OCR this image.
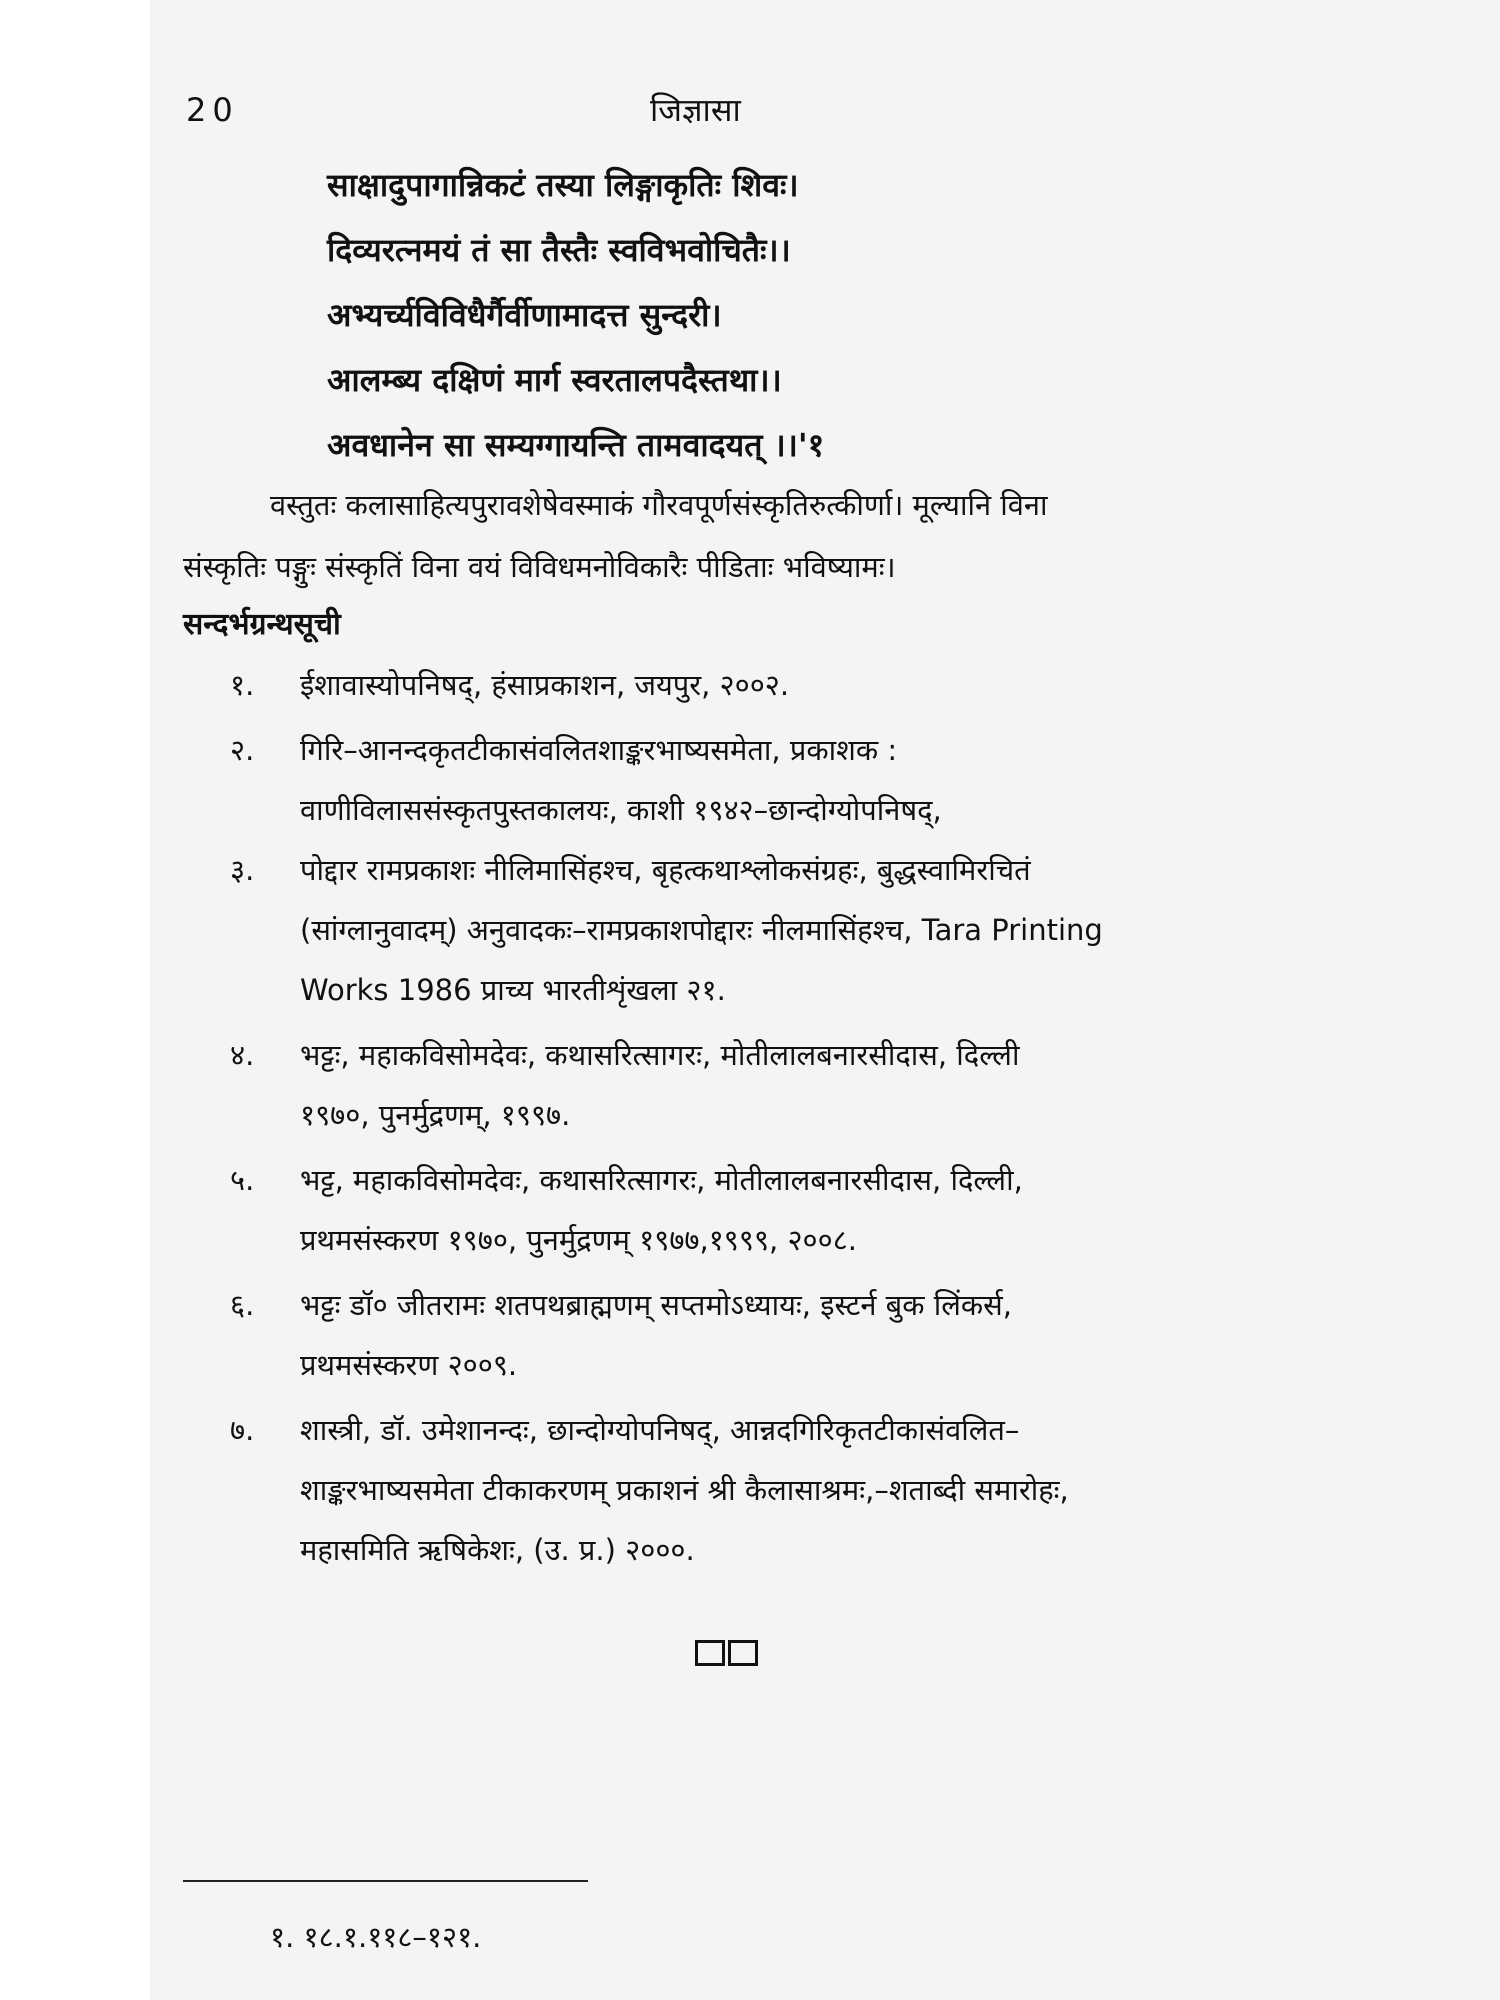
20	जिज्ञासा
साक्षादुपागान्निकटं तस्या लिङ्गाकृतिः शिवः।
दिव्यरत्नमयं तं सा तैस्तैः स्वविभवोचितैः।।
अभ्यर्च्यविविधैर्गैर्वीणामादत्त सुन्दरी।
आलम्ब्य दक्षिणं मार्ग स्वरतालपदैस्तथा।।
अवधानेन सा सम्यग्गायन्ति तामवादयत् ।।'१
वस्तुतः कलासाहित्यपुरावशेषेवस्माकं गौरवपूर्णसंस्कृतिरुत्कीर्णा। मूल्यानि विना
संस्कृतिः पङ्गुः संस्कृतिं विना वयं विविधमनोविकारैः पीडिताः भविष्यामः।
सन्दर्भग्रन्थसूची
१. ईशावास्योपनिषद्, हंसाप्रकाशन, जयपुर, २००२.
२. गिरि–आनन्दकृतटीकासंवलितशाङ्करभाष्यसमेता, प्रकाशक :
वाणीविलाससंस्कृतपुस्तकालयः, काशी १९४२–छान्दोग्योपनिषद्,
३. पोद्दार रामप्रकाशः नीलिमासिंहश्च, बृहत्कथाश्लोकसंग्रहः, बुद्धस्वामिरचितं
(सांग्लानुवादम्) अनुवादकः–रामप्रकाशपोद्दारः नीलमासिंहश्च, Tara Printing
Works 1986 प्राच्य भारतीशृंखला २१.
४. भट्टः, महाकविसोमदेवः, कथासरित्सागरः, मोतीलालबनारसीदास, दिल्ली
१९७०, पुनर्मुद्रणम्, १९९७.
५. भट्ट, महाकविसोमदेवः, कथासरित्सागरः, मोतीलालबनारसीदास, दिल्ली,
प्रथमसंस्करण १९७०, पुनर्मुद्रणम् १९७७,१९९९, २००८.
६. भट्टः डॉ० जीतरामः शतपथब्राह्मणम् सप्तमोऽध्यायः, इस्टर्न बुक लिंकर्स,
प्रथमसंस्करण २००९.
७. शास्त्री, डॉ. उमेशानन्दः, छान्दोग्योपनिषद्, आन्नदगिरिकृतटीकासंवलित–
शाङ्करभाष्यसमेता टीकाकरणम् प्रकाशनं श्री कैलासाश्रमः,–शताब्दी समारोहः,
महासमिति ऋषिकेशः, (उ. प्र.) २०००.
१. १८.१.११८–१२१.
